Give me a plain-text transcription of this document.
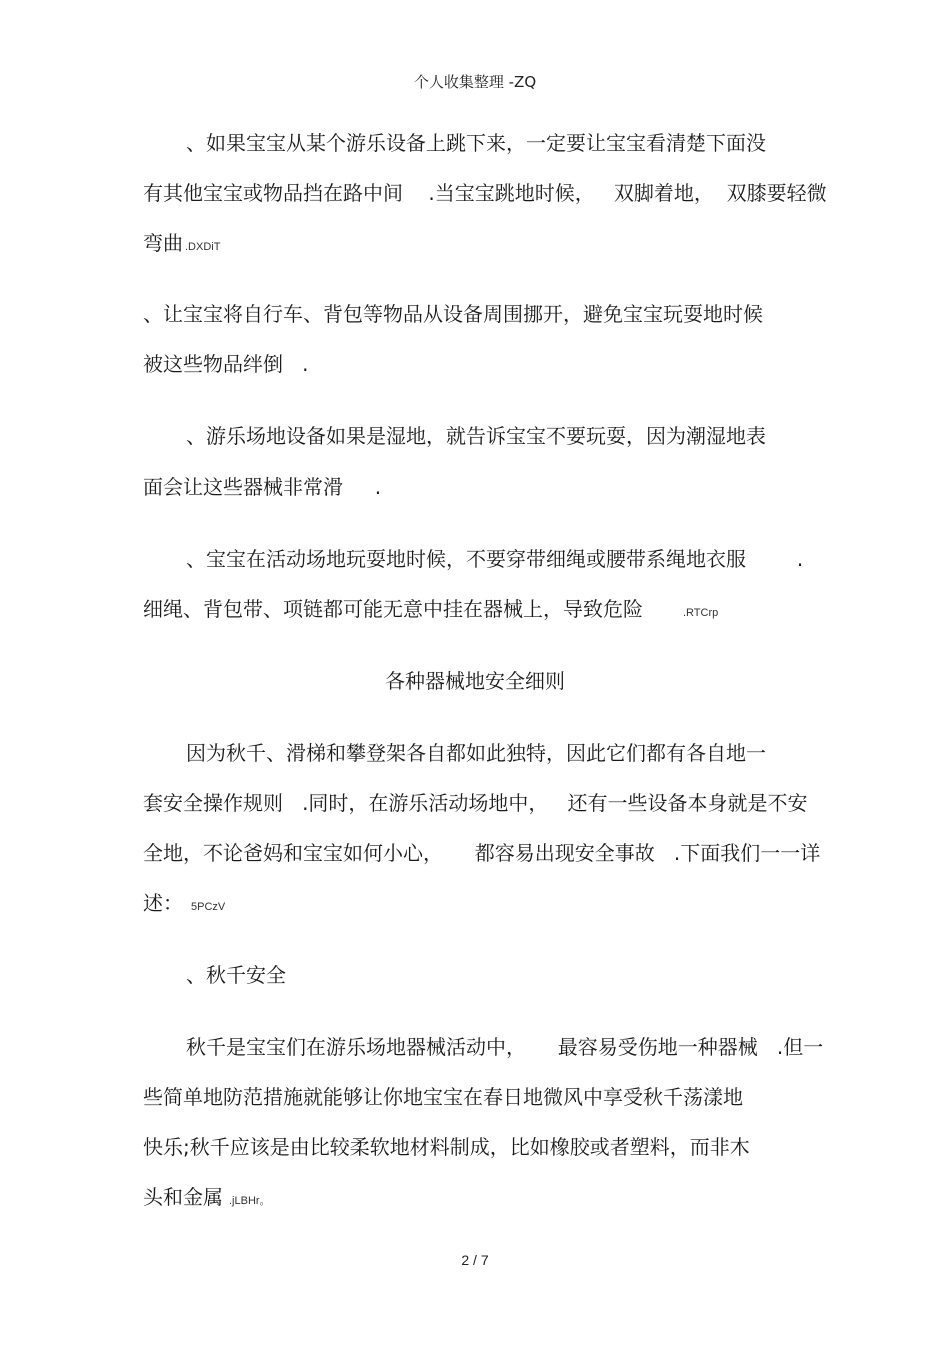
个人收集整理 -ZQ
、如果宝宝从某个游乐设备上跳下来，一定要让宝宝看清楚下面没
有其他宝宝或物品挡在路中间    .当宝宝跳地时候，   双脚着地，  双膝要轻微
弯曲 .DXDiT
、让宝宝将自行车、背包等物品从设备周围挪开，避免宝宝玩耍地时候
被这些物品绊倒   .
、游乐场地设备如果是湿地，就告诉宝宝不要玩耍，因为潮湿地表
面会让这些器械非常滑     .
、宝宝在活动场地玩耍地时候，不要穿带细绳或腰带系绳地衣服        .
细绳、背包带、项链都可能无意中挂在器械上，导致危险	.RTCrp
各种器械地安全细则
因为秋千、滑梯和攀登架各自都如此独特，因此它们都有各自地一
套安全操作规则   .同时，在游乐活动场地中，   还有一些设备本身就是不安
全地，不论爸妈和宝宝如何小心，     都容易出现安全事故   .下面我们一一详
述： 5PCzV
、秋千安全
秋千是宝宝们在游乐场地器械活动中，     最容易受伤地一种器械   .但一
些简单地防范措施就能够让你地宝宝在春日地微风中享受秋千荡漾地
快乐;秋千应该是由比较柔软地材料制成，比如橡胶或者塑料，而非木
头和金属 .jLBHr。
2 / 7
